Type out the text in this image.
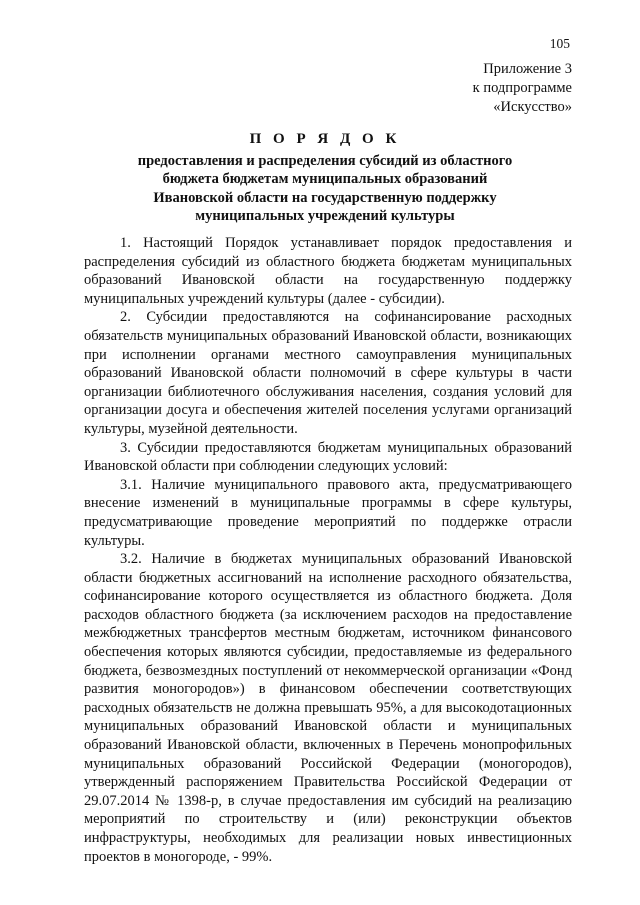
105
Приложение 3
к подпрограмме
«Искусство»
П О Р Я Д О К
предоставления и распределения субсидий из областного
бюджета бюджетам муниципальных образований
Ивановской области на государственную поддержку
муниципальных учреждений культуры

1. Настоящий Порядок устанавливает порядок предоставления и распределения субсидий из областного бюджета бюджетам муниципальных образований Ивановской области на государственную поддержку муниципальных учреждений культуры (далее - субсидии).

2. Субсидии предоставляются на софинансирование расходных обязательств муниципальных образований Ивановской области, возникающих при исполнении органами местного самоуправления муниципальных образований Ивановской области полномочий в сфере культуры в части организации библиотечного обслуживания населения, создания условий для организации досуга и обеспечения жителей поселения услугами организаций культуры, музейной деятельности.

3. Субсидии предоставляются бюджетам муниципальных образований Ивановской области при соблюдении следующих условий:

3.1. Наличие муниципального правового акта, предусматривающего внесение изменений в муниципальные программы в сфере культуры, предусматривающие проведение мероприятий по поддержке отрасли культуры.

3.2. Наличие в бюджетах муниципальных образований Ивановской области бюджетных ассигнований на исполнение расходного обязательства, софинансирование которого осуществляется из областного бюджета. Доля расходов областного бюджета (за исключением расходов на предоставление межбюджетных трансфертов местным бюджетам, источником финансового обеспечения которых являются субсидии, предоставляемые из федерального бюджета, безвозмездных поступлений от некоммерческой организации «Фонд развития моногородов») в финансовом обеспечении соответствующих расходных обязательств не должна превышать 95%, а для высокодотационных муниципальных образований Ивановской области и муниципальных образований Ивановской области, включенных в Перечень монопрофильных муниципальных образований Российской Федерации (моногородов), утвержденный распоряжением Правительства Российской Федерации от 29.07.2014 № 1398-р, в случае предоставления им субсидий на реализацию мероприятий по строительству и (или) реконструкции объектов инфраструктуры, необходимых для реализации новых инвестиционных проектов в моногороде, - 99%.
